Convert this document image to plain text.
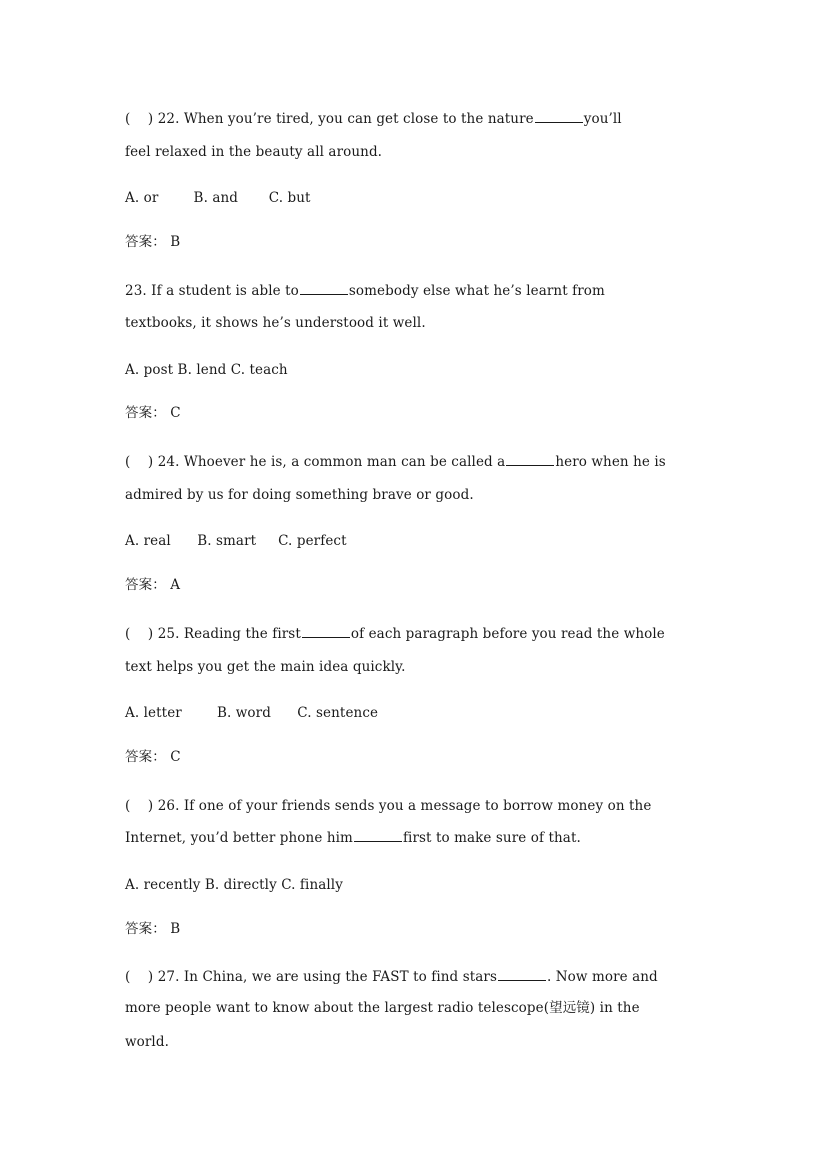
(    ) 22. When you’re tired, you can get close to the nature	you’ll
feel relaxed in the beauty all around.
A. or        B. and       C. but
答案： B
23. If a student is able to	somebody else what he’s learnt from
textbooks, it shows he’s understood it well.
A. post B. lend C. teach
答案： C
(    ) 24. Whoever he is, a common man can be called a	hero when he is
admired by us for doing something brave or good.
A. real      B. smart     C. perfect
答案： A
(    ) 25. Reading the first	of each paragraph before you read the whole
text helps you get the main idea quickly.
A. letter        B. word      C. sentence
答案： C
(    ) 26. If one of your friends sends you a message to borrow money on the
Internet, you’d better phone him	first to make sure of that.
A. recently B. directly C. finally
答案： B
(    ) 27. In China, we are using the FAST to find stars	. Now more and
more people want to know about the largest radio telescope(望远镜) in the
world.
